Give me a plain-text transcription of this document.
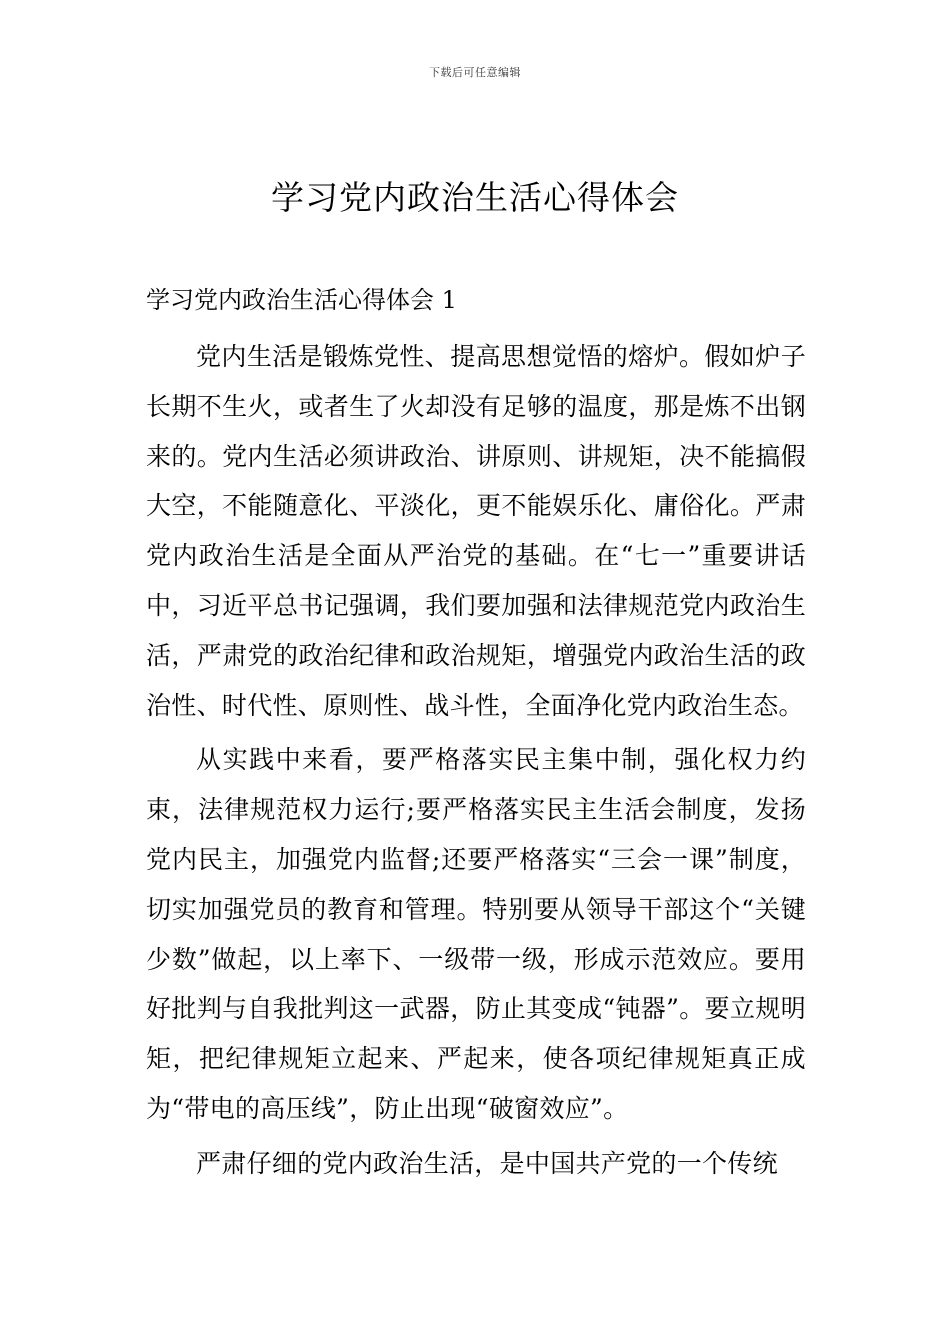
下载后可任意编辑
学习党内政治生活心得体会
学习党内政治生活心得体会 1

党内生活是锻炼党性、提高思想觉悟的熔炉。假如炉子长期不生火，或者生了火却没有足够的温度，那是炼不出钢来的。党内生活必须讲政治、讲原则、讲规矩，决不能搞假大空，不能随意化、平淡化，更不能娱乐化、庸俗化。严肃党内政治生活是全面从严治党的基础。在“七一”重要讲话中，习近平总书记强调，我们要加强和法律规范党内政治生活，严肃党的政治纪律和政治规矩，增强党内政治生活的政治性、时代性、原则性、战斗性，全面净化党内政治生态。

从实践中来看，要严格落实民主集中制，强化权力约束，法律规范权力运行;要严格落实民主生活会制度，发扬党内民主，加强党内监督;还要严格落实“三会一课”制度，切实加强党员的教育和管理。特别要从领导干部这个“关键少数”做起，以上率下、一级带一级，形成示范效应。要用好批判与自我批判这一武器，防止其变成“钝器”。要立规明矩，把纪律规矩立起来、严起来，使各项纪律规矩真正成为“带电的高压线”，防止出现“破窗效应”。

严肃仔细的党内政治生活，是中国共产党的一个传统
